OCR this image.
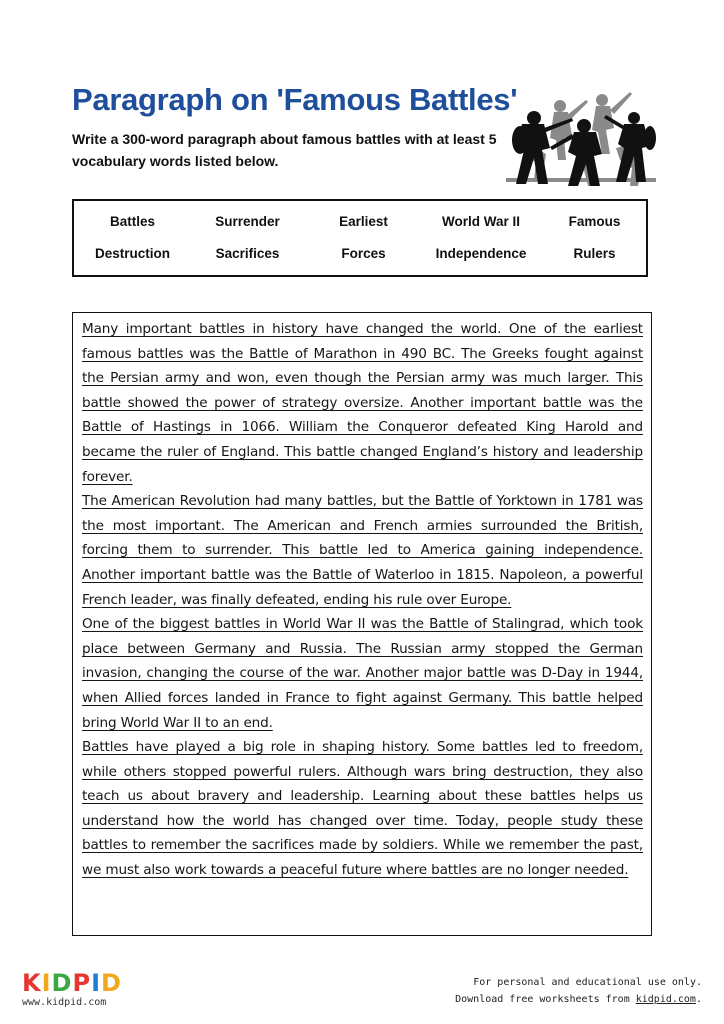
Paragraph on 'Famous Battles'
Write a 300-word paragraph about famous battles with at least 5 vocabulary words listed below.
Battles	Surrender	Earliest	World War II	Famous
Destruction	Sacrifices	Forces	Independence	Rulers

Many important battles in history have changed the world. One of the earliest famous battles was the Battle of Marathon in 490 BC. The Greeks fought against the Persian army and won, even though the Persian army was much larger. This battle showed the power of strategy oversize. Another important battle was the Battle of Hastings in 1066. William the Conqueror defeated King Harold and became the ruler of England. This battle changed England’s history and leadership forever.

The American Revolution had many battles, but the Battle of Yorktown in 1781 was the most important. The American and French armies surrounded the British, forcing them to surrender. This battle led to America gaining independence. Another important battle was the Battle of Waterloo in 1815. Napoleon, a powerful French leader, was finally defeated, ending his rule over Europe.

One of the biggest battles in World War II was the Battle of Stalingrad, which took place between Germany and Russia. The Russian army stopped the German invasion, changing the course of the war. Another major battle was D-Day in 1944, when Allied forces landed in France to fight against Germany. This battle helped bring World War II to an end.

Battles have played a big role in shaping history. Some battles led to freedom, while others stopped powerful rulers. Although wars bring destruction, they also teach us about bravery and leadership. Learning about these battles helps us understand how the world has changed over time. Today, people study these battles to remember the sacrifices made by soldiers. While we remember the past, we must also work towards a peaceful future where battles are no longer needed.

KIDPID
www.kidpid.com
For personal and educational use only.
Download free worksheets from kidpid.com.
